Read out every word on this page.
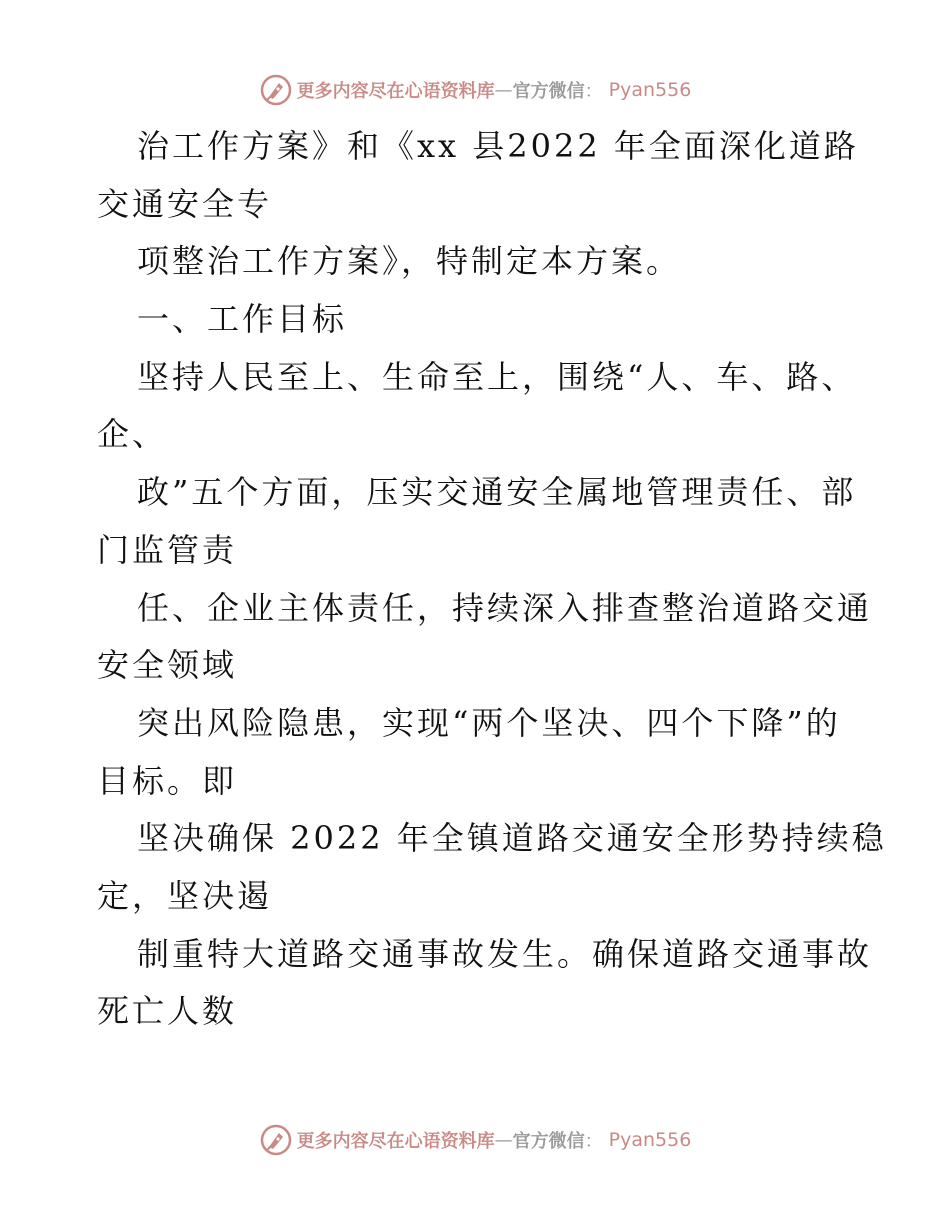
更多内容尽在心语资料库 — 官方微信 ： Pyan556
治工作方案》和《xx 县2022 年全面深化道路
交通安全专
项整治工作方案》，特制定本方案。
一、工作目标
坚持人民至上、生命至上，围绕“人、车、路、
企、
政”五个方面，压实交通安全属地管理责任、部
门监管责
任、企业主体责任，持续深入排查整治道路交通
安全领域
突出风险隐患，实现“两个坚决、四个下降”的
目标。即
坚决确保 2022 年全镇道路交通安全形势持续稳
定，坚决遏
制重特大道路交通事故发生。确保道路交通事故
死亡人数
更多内容尽在心语资料库 — 官方微信 ： Pyan556
